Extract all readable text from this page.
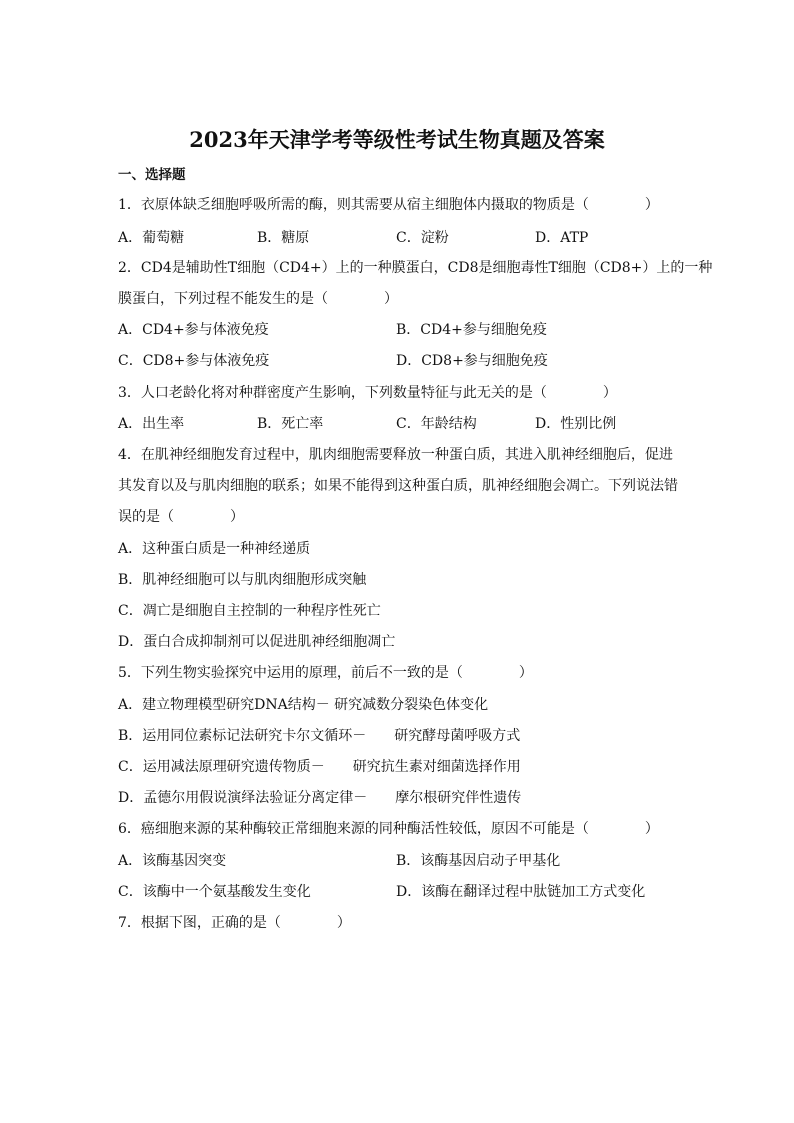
2023年天津学考等级性考试生物真题及答案
一、选择题
1．衣原体缺乏细胞呼吸所需的酶，则其需要从宿主细胞体内摄取的物质是（　　　　）
A．葡萄糖	B．糖原	C．淀粉	D．ATP
2．CD4是辅助性T细胞（CD4+）上的一种膜蛋白，CD8是细胞毒性T细胞（CD8+）上的一种
膜蛋白，下列过程不能发生的是（　　　　）
A．CD4+参与体液免疫	B．CD4+参与细胞免疫
C．CD8+参与体液免疫	D．CD8+参与细胞免疫
3．人口老龄化将对种群密度产生影响，下列数量特征与此无关的是（　　　　）
A．出生率	B．死亡率	C．年龄结构	D．性别比例
4．在肌神经细胞发育过程中，肌肉细胞需要释放一种蛋白质，其进入肌神经细胞后，促进
其发育以及与肌肉细胞的联系；如果不能得到这种蛋白质，肌神经细胞会凋亡。下列说法错
误的是（　　　　）
A．这种蛋白质是一种神经递质
B．肌神经细胞可以与肌肉细胞形成突触
C．凋亡是细胞自主控制的一种程序性死亡
D．蛋白合成抑制剂可以促进肌神经细胞凋亡
5．下列生物实验探究中运用的原理，前后不一致的是（　　　　）
A．建立物理模型研究DNA结构－ 研究减数分裂染色体变化
B．运用同位素标记法研究卡尔文循环－　　研究酵母菌呼吸方式
C．运用减法原理研究遗传物质－　　研究抗生素对细菌选择作用
D．孟德尔用假说演绎法验证分离定律－　　摩尔根研究伴性遗传
6．癌细胞来源的某种酶较正常细胞来源的同种酶活性较低，原因不可能是（　　　　）
A．该酶基因突变	B．该酶基因启动子甲基化
C．该酶中一个氨基酸发生变化	D．该酶在翻译过程中肽链加工方式变化
7．根据下图，正确的是（　　　　）
